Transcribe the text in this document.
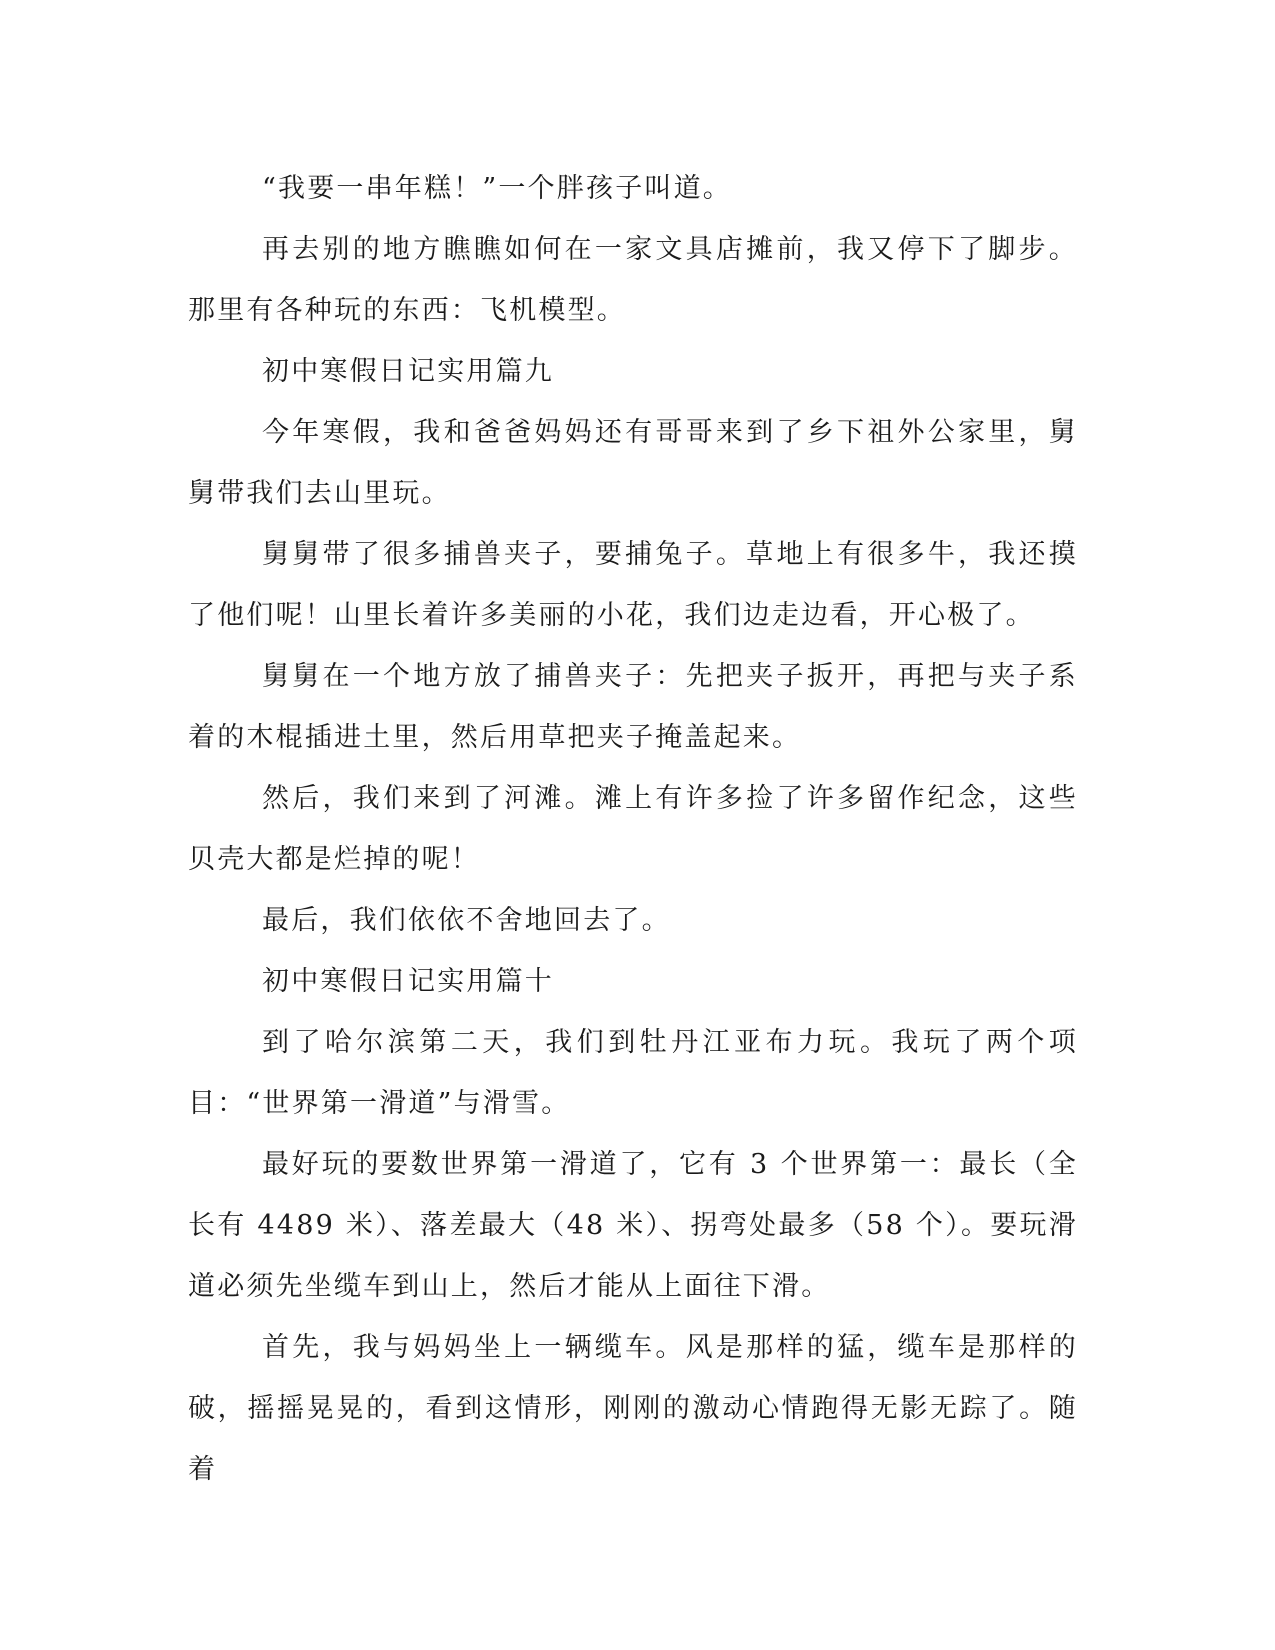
“我要一串年糕！”一个胖孩子叫道。

再去别的地方瞧瞧如何在一家文具店摊前，我又停下了脚步。那里有各种玩的东西：飞机模型。

初中寒假日记实用篇九

今年寒假，我和爸爸妈妈还有哥哥来到了乡下祖外公家里，舅舅带我们去山里玩。

舅舅带了很多捕兽夹子，要捕兔子。草地上有很多牛，我还摸了他们呢！山里长着许多美丽的小花，我们边走边看，开心极了。

舅舅在一个地方放了捕兽夹子：先把夹子扳开，再把与夹子系着的木棍插进土里，然后用草把夹子掩盖起来。

然后，我们来到了河滩。滩上有许多捡了许多留作纪念，这些贝壳大都是烂掉的呢！

最后，我们依依不舍地回去了。

初中寒假日记实用篇十

到了哈尔滨第二天，我们到牡丹江亚布力玩。我玩了两个项目：“世界第一滑道”与滑雪。

最好玩的要数世界第一滑道了，它有 3 个世界第一：最长（全长有 4489 米）、落差最大（48 米）、拐弯处最多（58 个）。要玩滑道必须先坐缆车到山上，然后才能从上面往下滑。

首先，我与妈妈坐上一辆缆车。风是那样的猛，缆车是那样的破，摇摇晃晃的，看到这情形，刚刚的激动心情跑得无影无踪了。随着
